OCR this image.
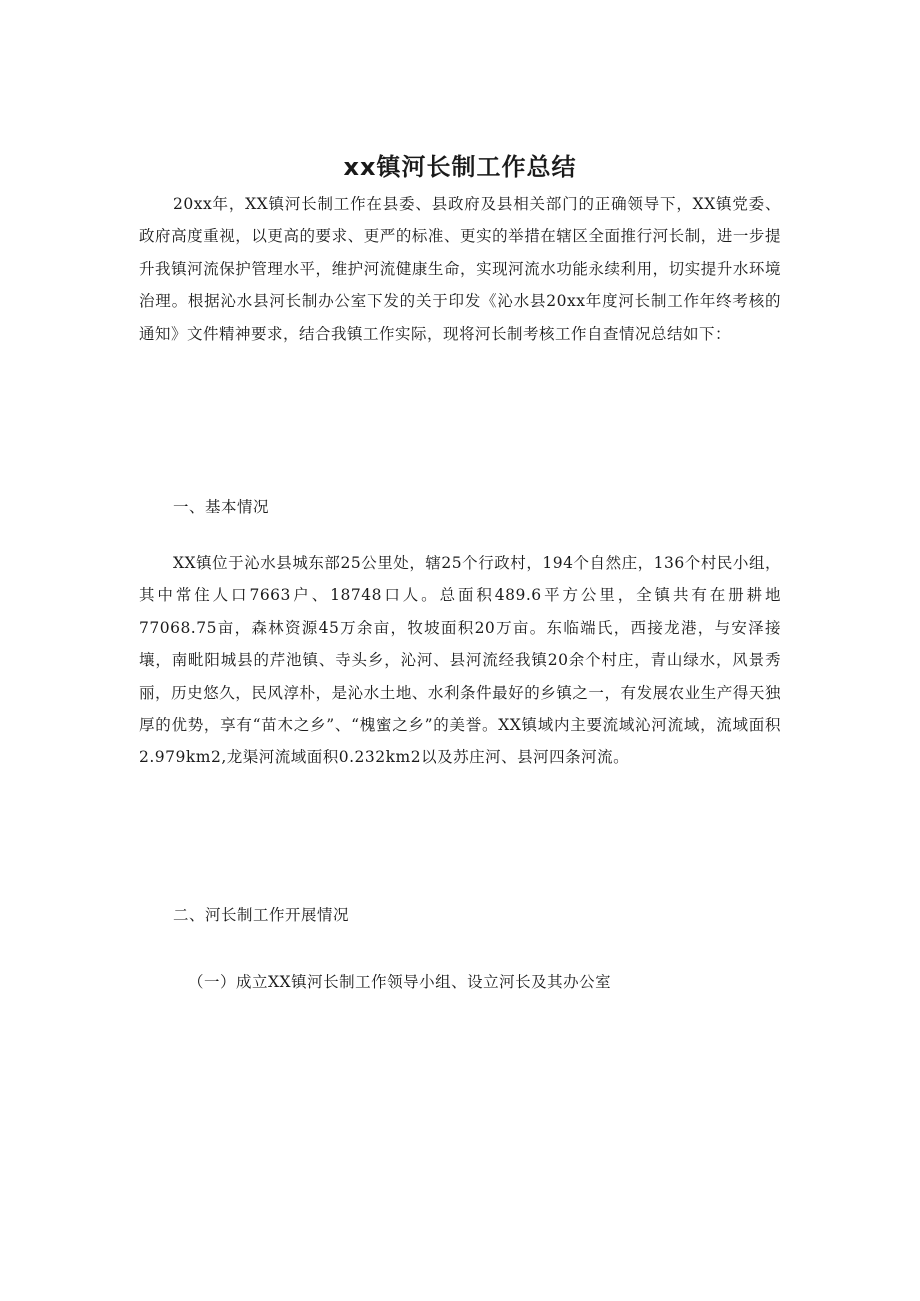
xx镇河长制工作总结

20xx年，XX镇河长制工作在县委、县政府及县相关部门的正确领导下，XX镇党委、政府高度重视，以更高的要求、更严的标准、更实的举措在辖区全面推行河长制，进一步提升我镇河流保护管理水平，维护河流健康生命，实现河流水功能永续利用，切实提升水环境治理。根据沁水县河长制办公室下发的关于印发《沁水县20xx年度河长制工作年终考核的通知》文件精神要求，结合我镇工作实际，现将河长制考核工作自查情况总结如下：

一、基本情况

XX镇位于沁水县城东部25公里处，辖25个行政村，194个自然庄，136个村民小组，其中常住人口7663户、18748口人。总面积489.6平方公里，全镇共有在册耕地77068.75亩，森林资源45万余亩，牧坡面积20万亩。东临端氏，西接龙港，与安泽接壤，南毗阳城县的芹池镇、寺头乡，沁河、县河流经我镇20余个村庄，青山绿水，风景秀丽，历史悠久，民风淳朴，是沁水土地、水利条件最好的乡镇之一，有发展农业生产得天独厚的优势，享有“苗木之乡”、“槐蜜之乡”的美誉。XX镇域内主要流域沁河流域，流域面积2.979km2,龙渠河流域面积0.232km2以及苏庄河、县河四条河流。

二、河长制工作开展情况

（一）成立XX镇河长制工作领导小组、设立河长及其办公室
